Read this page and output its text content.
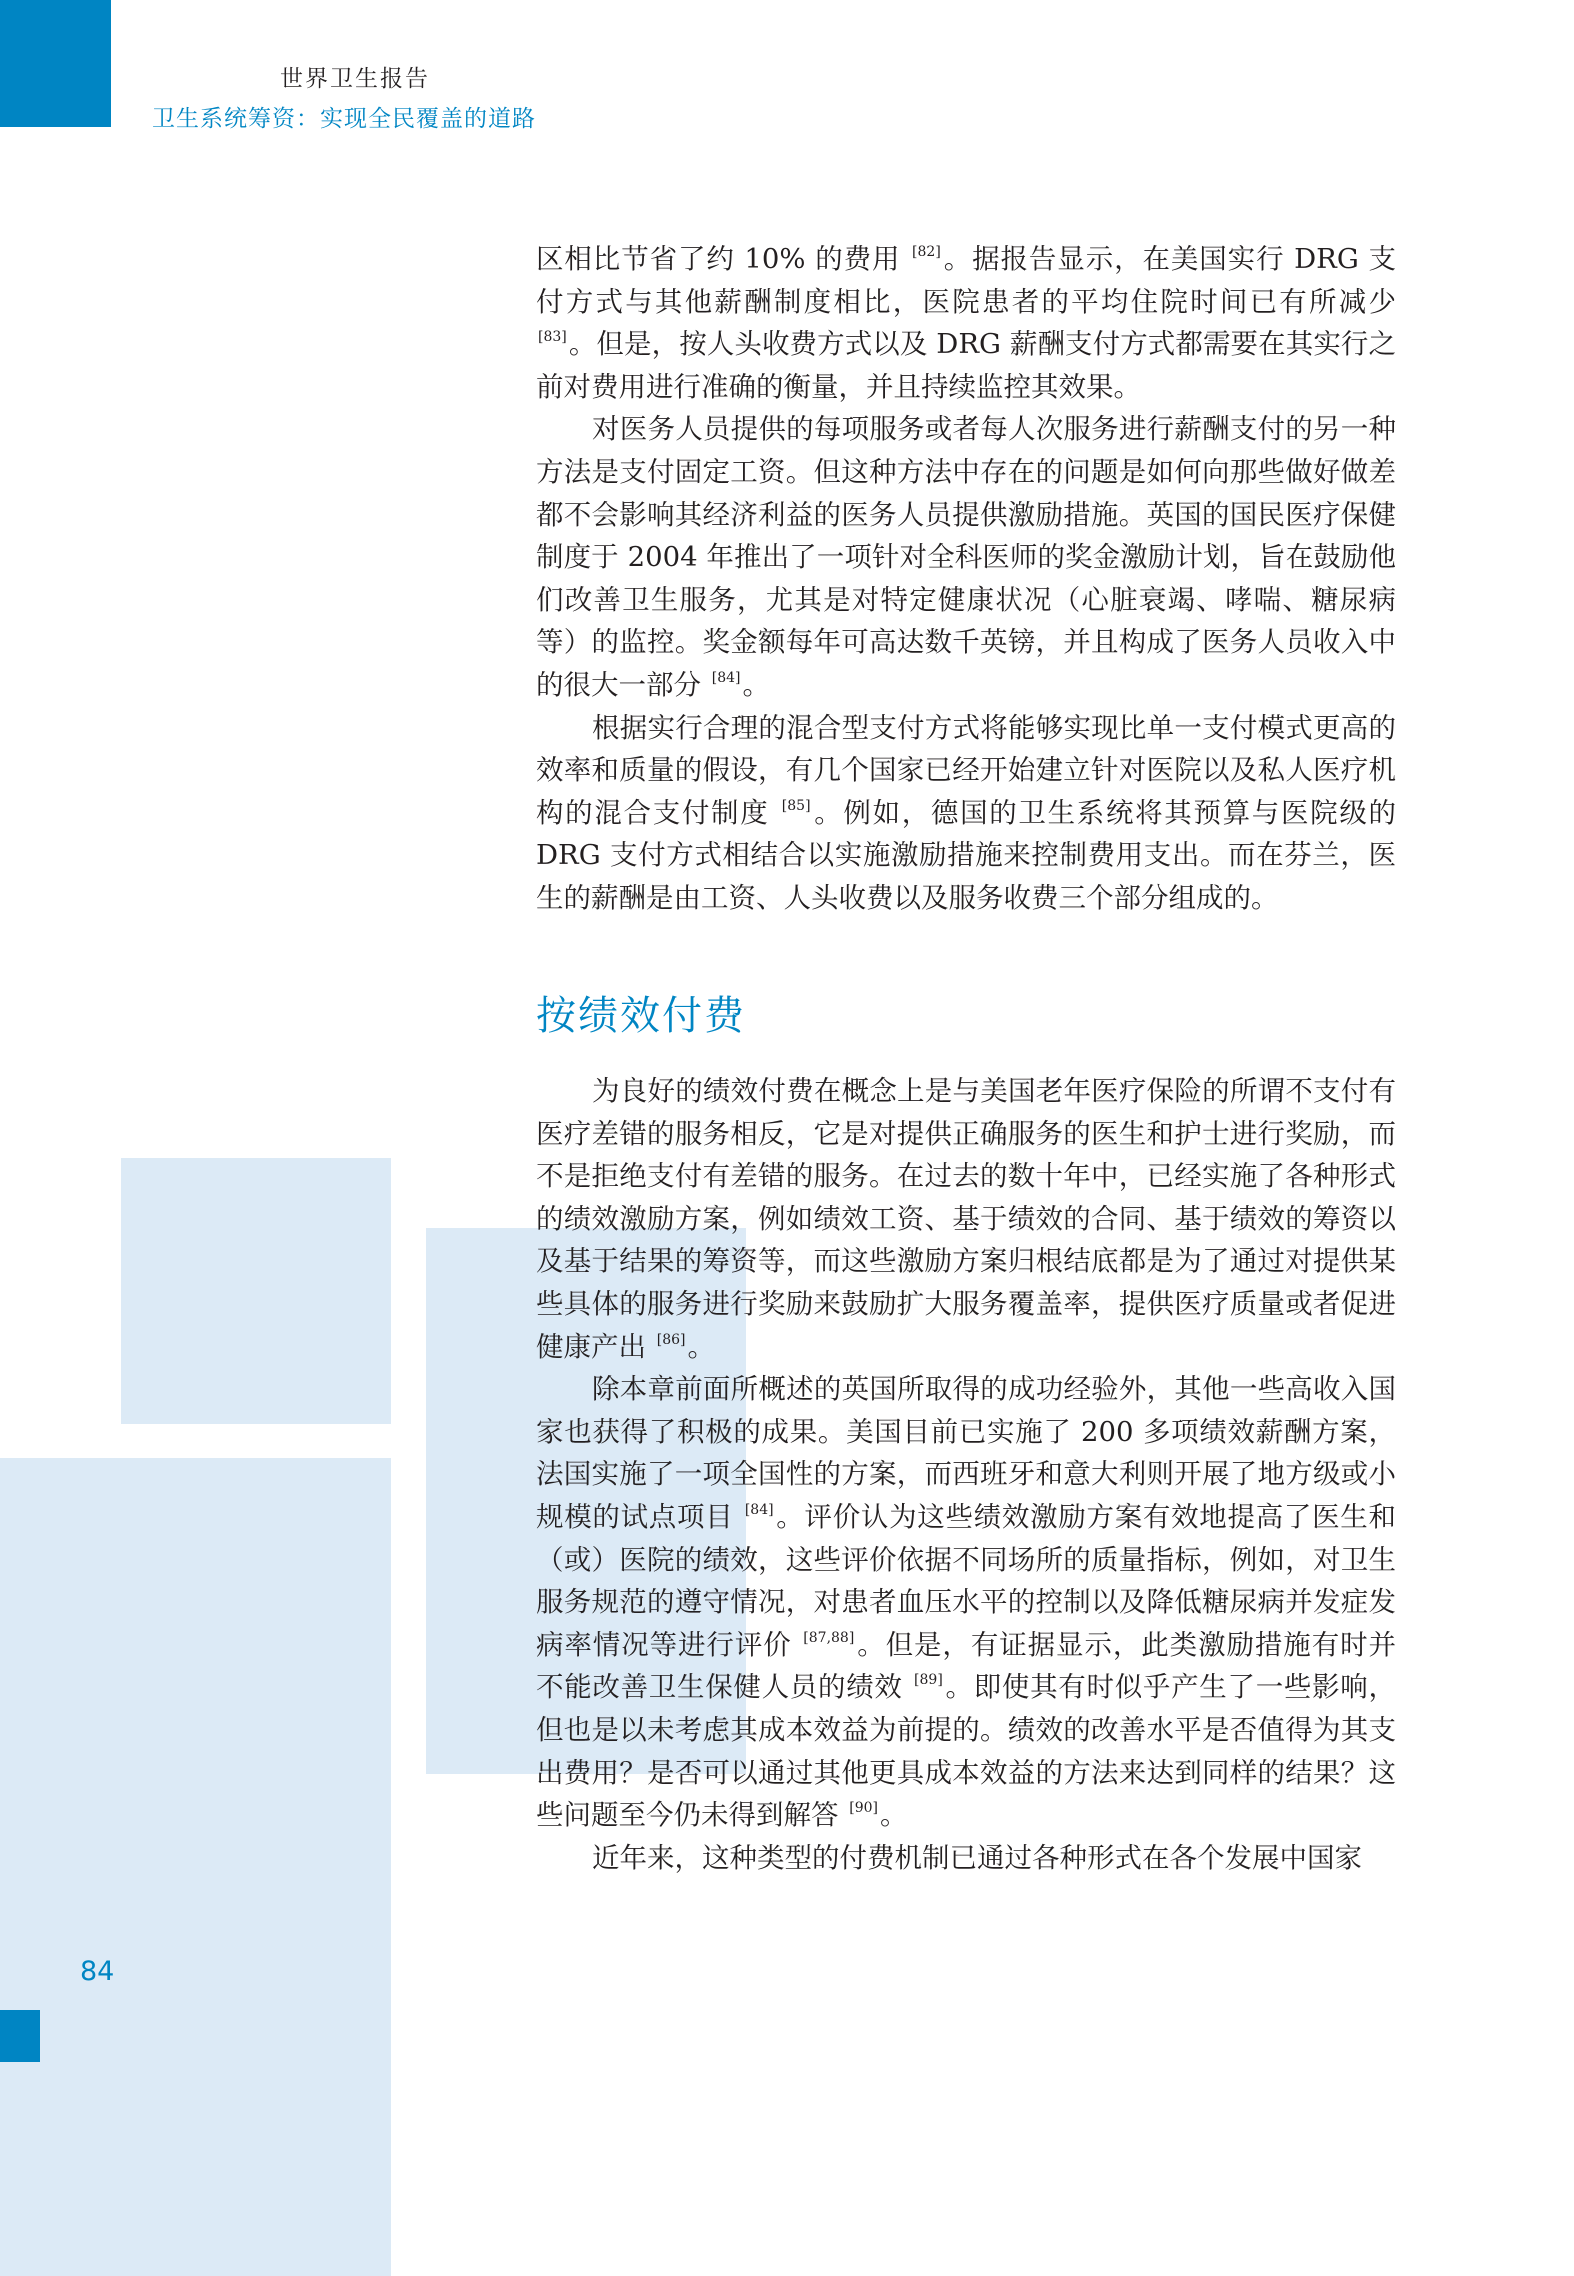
世界卫生报告
卫生系统筹资：实现全民覆盖的道路

区相比节省了约 10% 的费用 [82]。据报告显示，在美国实行 DRG 支付方式与其他薪酬制度相比，医院患者的平均住院时间已有所减少 [83]。但是，按人头收费方式以及 DRG 薪酬支付方式都需要在其实行之前对费用进行准确的衡量，并且持续监控其效果。

对医务人员提供的每项服务或者每人次服务进行薪酬支付的另一种方法是支付固定工资。但这种方法中存在的问题是如何向那些做好做差都不会影响其经济利益的医务人员提供激励措施。英国的国民医疗保健制度于 2004 年推出了一项针对全科医师的奖金激励计划，旨在鼓励他们改善卫生服务，尤其是对特定健康状况（心脏衰竭、哮喘、糖尿病等）的监控。奖金额每年可高达数千英镑，并且构成了医务人员收入中的很大一部分 [84]。

根据实行合理的混合型支付方式将能够实现比单一支付模式更高的效率和质量的假设，有几个国家已经开始建立针对医院以及私人医疗机构的混合支付制度 [85]。例如，德国的卫生系统将其预算与医院级的 DRG 支付方式相结合以实施激励措施来控制费用支出。而在芬兰，医生的薪酬是由工资、人头收费以及服务收费三个部分组成的。

按绩效付费

为良好的绩效付费在概念上是与美国老年医疗保险的所谓不支付有医疗差错的服务相反，它是对提供正确服务的医生和护士进行奖励，而不是拒绝支付有差错的服务。在过去的数十年中，已经实施了各种形式的绩效激励方案，例如绩效工资、基于绩效的合同、基于绩效的筹资以及基于结果的筹资等，而这些激励方案归根结底都是为了通过对提供某些具体的服务进行奖励来鼓励扩大服务覆盖率，提供医疗质量或者促进健康产出 [86]。

除本章前面所概述的英国所取得的成功经验外，其他一些高收入国家也获得了积极的成果。美国目前已实施了 200 多项绩效薪酬方案，法国实施了一项全国性的方案，而西班牙和意大利则开展了地方级或小规模的试点项目 [84]。评价认为这些绩效激励方案有效地提高了医生和（或）医院的绩效，这些评价依据不同场所的质量指标，例如，对卫生服务规范的遵守情况，对患者血压水平的控制以及降低糖尿病并发症发病率情况等进行评价 [87,88]。但是，有证据显示，此类激励措施有时并不能改善卫生保健人员的绩效 [89]。即使其有时似乎产生了一些影响，但也是以未考虑其成本效益为前提的。绩效的改善水平是否值得为其支出费用？是否可以通过其他更具成本效益的方法来达到同样的结果？这些问题至今仍未得到解答 [90]。

近年来，这种类型的付费机制已通过各种形式在各个发展中国家

84
